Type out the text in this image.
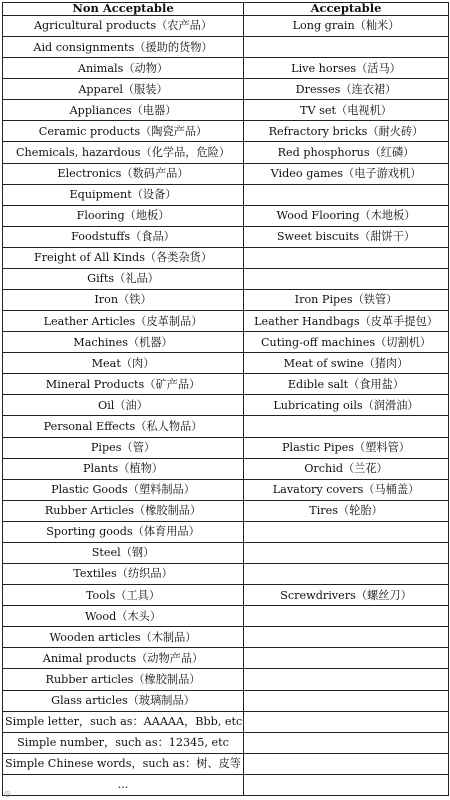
Non Acceptable	Acceptable
Agricultural products（农产品）	Long grain（籼米）
Aid consignments（援助的货物）	
Animals（动物）	Live horses（活马）
Apparel（服装）	Dresses（连衣裙）
Appliances（电器）	TV set（电视机）
Ceramic products（陶瓷产品）	Refractory bricks（耐火砖）
Chemicals, hazardous（化学品，危险）	Red phosphorus（红磷）
Electronics（数码产品）	Video games（电子游戏机）
Equipment（设备）	
Flooring（地板）	Wood Flooring（木地板）
Foodstuffs（食品）	Sweet biscuits（甜饼干）
Freight of All Kinds（各类杂货）	
Gifts（礼品）	
Iron（铁）	Iron Pipes（铁管）
Leather Articles（皮革制品）	Leather Handbags（皮革手提包）
Machines（机器）	Cuting-off machines（切割机）
Meat（肉）	Meat of swine（猪肉）
Mineral Products（矿产品）	Edible salt（食用盐）
Oil（油）	Lubricating oils（润滑油）
Personal Effects（私人物品）	
Pipes（管）	Plastic Pipes（塑料管）
Plants（植物）	Orchid（兰花）
Plastic Goods（塑料制品）	Lavatory covers（马桶盖）
Rubber Articles（橡胶制品）	Tires（轮胎）
Sporting goods（体育用品）	
Steel（钢）	
Textiles（纺织品）	
Tools（工具）	Screwdrivers（螺丝刀）
Wood（木头）	
Wooden articles（木制品）	
Animal products（动物产品）	
Rubber articles（橡胶制品）	
Glass articles（玻璃制品）	
Simple letter，such as：AAAAA，Bbb, etc	
Simple number，such as：12345, etc	
Simple Chinese words，such as：树、皮等	
...	
◎
